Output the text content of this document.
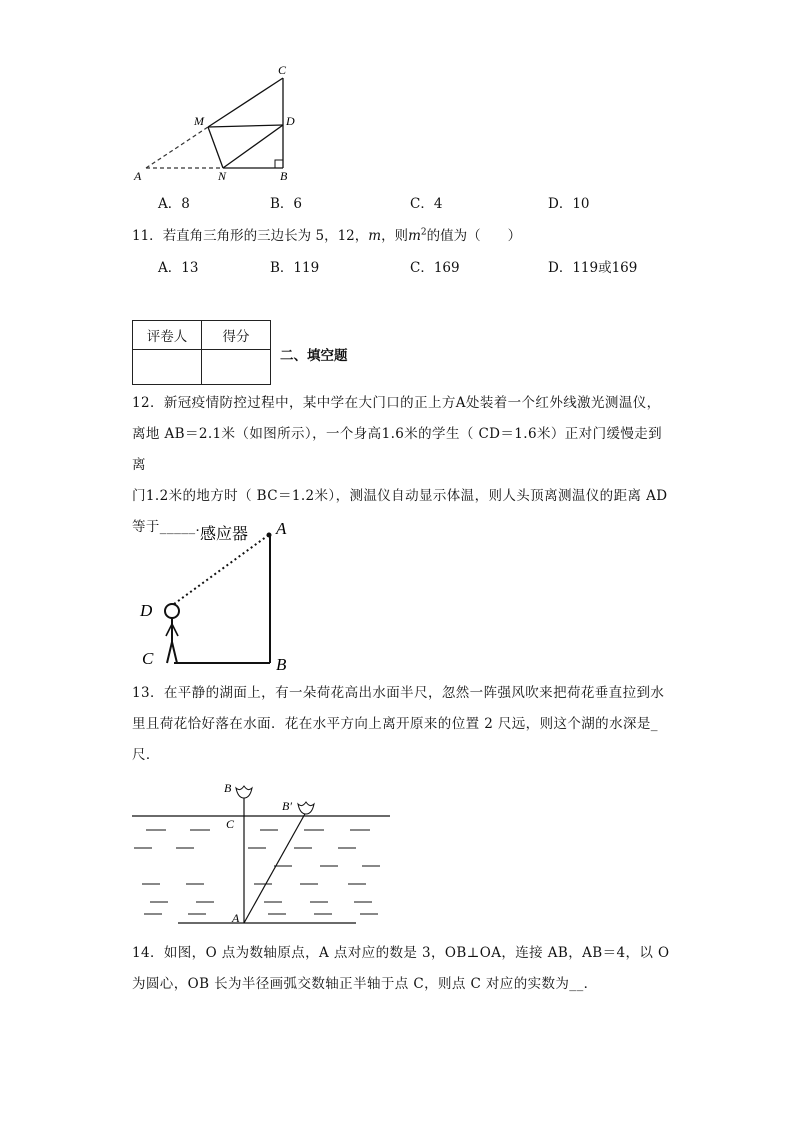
A	B
C
D
M
N
A．8	B．6	C．4	D．10
11．若直角三角形的三边长为 5，12，m，则$m^2$的值为（　　）
A．13	B．119	C．169	D．119或169
评卷人	得分

二、填空题
12．新冠疫情防控过程中，某中学在大门口的正上方A处装着一个红外线激光测温仪，
离地 AB＝2.1米（如图所示），一个身高1.6米的学生（ CD＝1.6米）正对门缓慢走到离
门1.2米的地方时（ BC＝1.2米），测温仪自动显示体温，则人头顶离测温仪的距离 AD
等于_____．
感应器 A
B
C
D
13．在平静的湖面上，有一朵荷花高出水面半尺，忽然一阵强风吹来把荷花垂直拉到水
里且荷花恰好落在水面．花在水平方向上离开原来的位置 2 尺远，则这个湖的水深是_
尺．
B
B′
C
A
14．如图，O 点为数轴原点，A 点对应的数是 3，OB⊥OA，连接 AB，AB＝4，以 O
为圆心，OB 长为半径画弧交数轴正半轴于点 C，则点 C 对应的实数为__．
